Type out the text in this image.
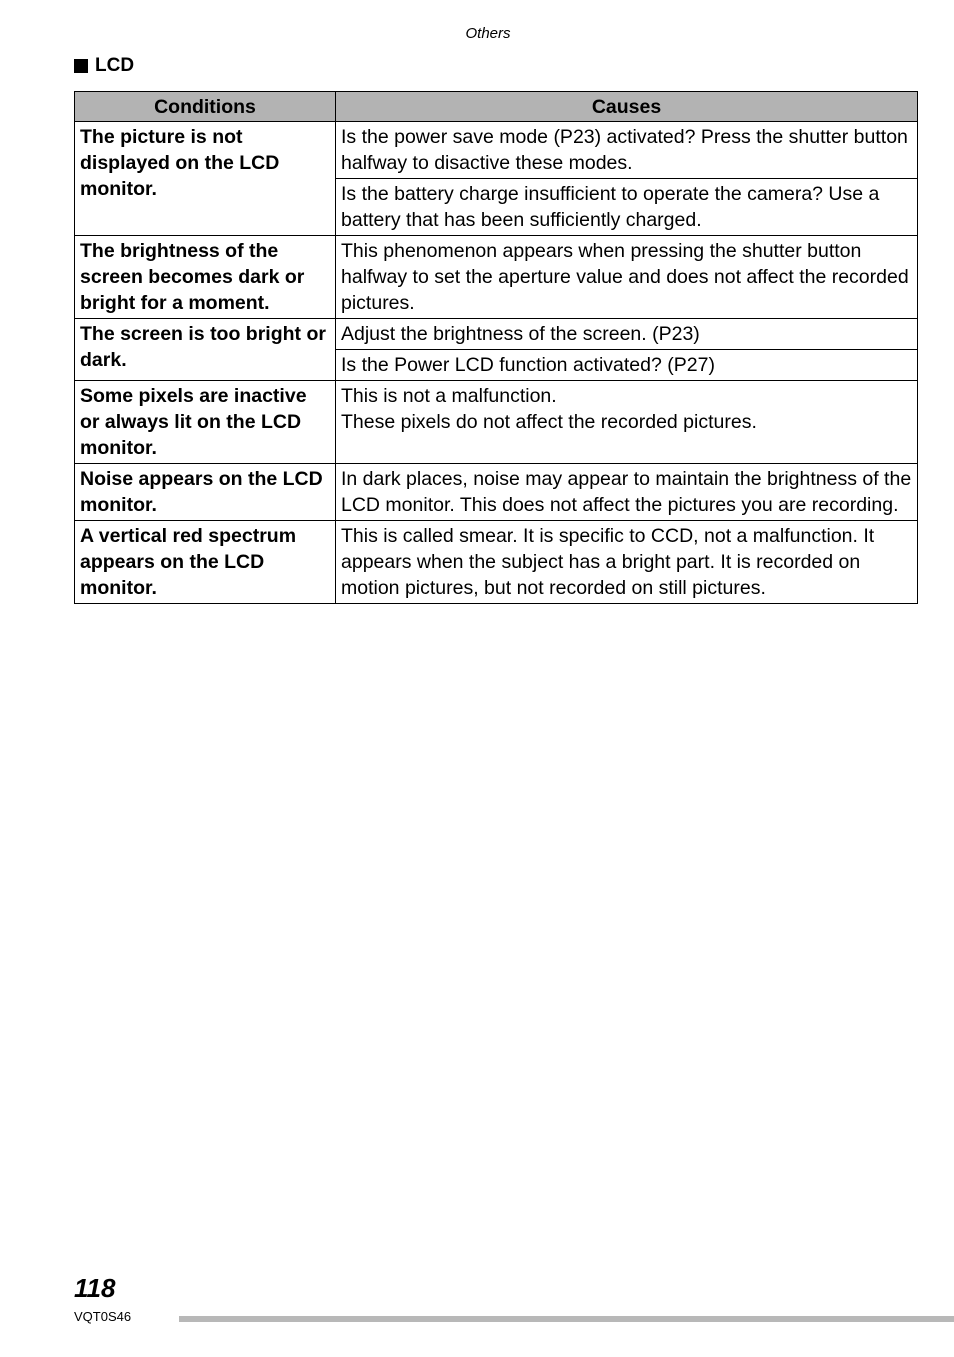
Others
LCD
Conditions	Causes
The picture is not displayed on the LCD monitor.	Is the power save mode (P23) activated? Press the shutter button halfway to disactive these modes.
Is the battery charge insufficient to operate the camera? Use a battery that has been sufficiently charged.

The brightness of the screen becomes dark or bright for a moment.	This phenomenon appears when pressing the shutter button halfway to set the aperture value and does not affect the recorded pictures.

The screen is too bright or dark.	Adjust the brightness of the screen. (P23)
Is the Power LCD function activated? (P27)

Some pixels are inactive or always lit on the LCD monitor.	This is not a malfunction.
These pixels do not affect the recorded pictures.

Noise appears on the LCD monitor.	In dark places, noise may appear to maintain the brightness of the LCD monitor. This does not affect the pictures you are recording.

A vertical red spectrum appears on the LCD monitor.	This is called smear. It is specific to CCD, not a malfunction. It appears when the subject has a bright part. It is recorded on motion pictures, but not recorded on still pictures.
118
VQT0S46
